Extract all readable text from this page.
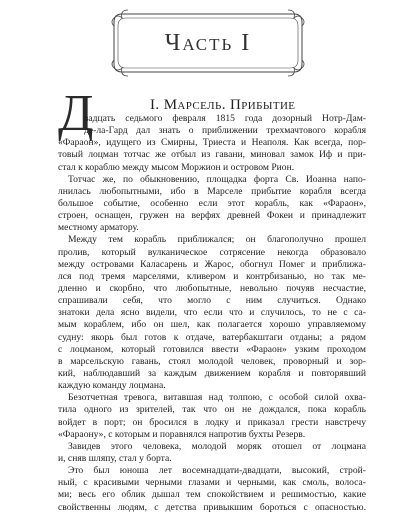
Часть I
I. Марсель. Прибытие
Д
вадцать седьмого февраля 1815 года дозорный Нотр-Дам-
де-ла-Гард дал знать о приближении трехмачтового корабля
«Фараон», идущего из Смирны, Триеста и Неаполя. Как всегда, пор-
товый лоцман тотчас же отбыл из гавани, миновал замок Иф и при-
стал к кораблю между мысом Моржион и островом Рион.
Тотчас же, по обыкновению, площадка форта Св. Иоанна напо-
лнилась любопытными, ибо в Марселе прибытие корабля всегда
большое событие, особенно если этот корабль, как «Фараон»,
строен, оснащен, гружен на верфях древней Фокеи и принадлежит
местному арматору.
Между тем корабль приближался; он благополучно прошел
пролив, который вулканическое сотрясение некогда образовало
между островами Каласарень и Жарос, обогнул Помег и приближа-
лся под тремя марселями, кливером и контрбизанью, но так ме-
дленно и скорбно, что любопытные, невольно почуяв несчастие,
спрашивали себя, что могло с ним случиться. Однако
знатоки дела ясно видели, что если что и случилось, то не с са-
мым кораблем, ибо он шел, как полагается хорошо управляемому
судну: якорь был готов к отдаче, ватербакштаги отданы; а рядом
с лоцманом, который готовился ввести «Фараон» узким проходом
в марсельскую гавань, стоял молодой человек, проворный и зор-
кий, наблюдавший за каждым движением корабля и повторявший
каждую команду лоцмана.
Безотчетная тревога, витавшая над толпою, с особой силой охва-
тила одного из зрителей, так что он не дождался, пока корабль
войдет в порт; он бросился в лодку и приказал грести навстречу
«Фараону», с которым и поравнялся напротив бухты Резерв.
Завидев этого человека, молодой моряк отошел от лоцмана
и, сняв шляпу, стал у борта.
Это был юноша лет восемнадцати-двадцати, высокий, строй-
ный, с красивыми черными глазами и черными, как смоль, волоса-
ми; весь его облик дышал тем спокойствием и решимостью, какие
свойственны людям, с детства привыкшим бороться с опасностью.
